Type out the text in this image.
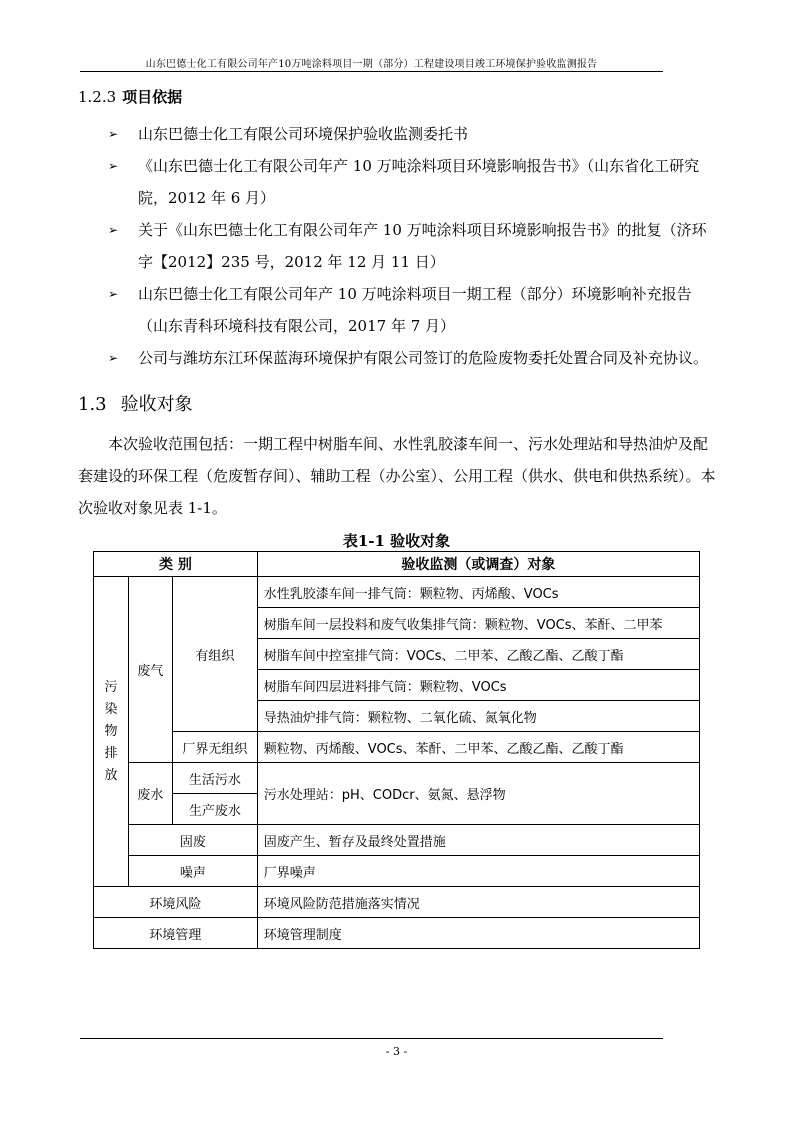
山东巴德士化工有限公司年产10万吨涂料项目一期（部分）工程建设项目竣工环境保护验收监测报告
1.2.3 项目依据
➢ 山东巴德士化工有限公司环境保护验收监测委托书
➢ 《山东巴德士化工有限公司年产 10 万吨涂料项目环境影响报告书》（山东省化工研究院，2012 年 6 月）
➢ 关于《山东巴德士化工有限公司年产 10 万吨涂料项目环境影响报告书》的批复（济环字【2012】235 号，2012 年 12 月 11 日）
➢ 山东巴德士化工有限公司年产 10 万吨涂料项目一期工程（部分）环境影响补充报告（山东青科环境科技有限公司，2017 年 7 月）
➢ 公司与潍坊东江环保蓝海环境保护有限公司签订的危险废物委托处置合同及补充协议。
1.3 验收对象
本次验收范围包括：一期工程中树脂车间、水性乳胶漆车间一、污水处理站和导热油炉及配套建设的环保工程（危废暂存间）、辅助工程（办公室）、公用工程（供水、供电和供热系统）。本次验收对象见表 1-1。
表1-1 验收对象
类 别			验收监测（或调查）对象

污染物排放	废气	有组织	水性乳胶漆车间一排气筒：颗粒物、丙烯酸、VOCs
			树脂车间一层投料和废气收集排气筒：颗粒物、VOCs、苯酐、二甲苯
			树脂车间中控室排气筒：VOCs、二甲苯、乙酸乙酯、乙酸丁酯
			树脂车间四层进料排气筒：颗粒物、VOCs
			导热油炉排气筒：颗粒物、二氧化硫、氮氧化物
		厂界无组织	颗粒物、丙烯酸、VOCs、苯酐、二甲苯、乙酸乙酯、乙酸丁酯
	废水	生活污水	污水处理站：pH、CODcr、氨氮、悬浮物
		生产废水	
	固废		固废产生、暂存及最终处置措施
	噪声		厂界噪声
环境风险			环境风险防范措施落实情况
环境管理			环境管理制度
- 3 -
